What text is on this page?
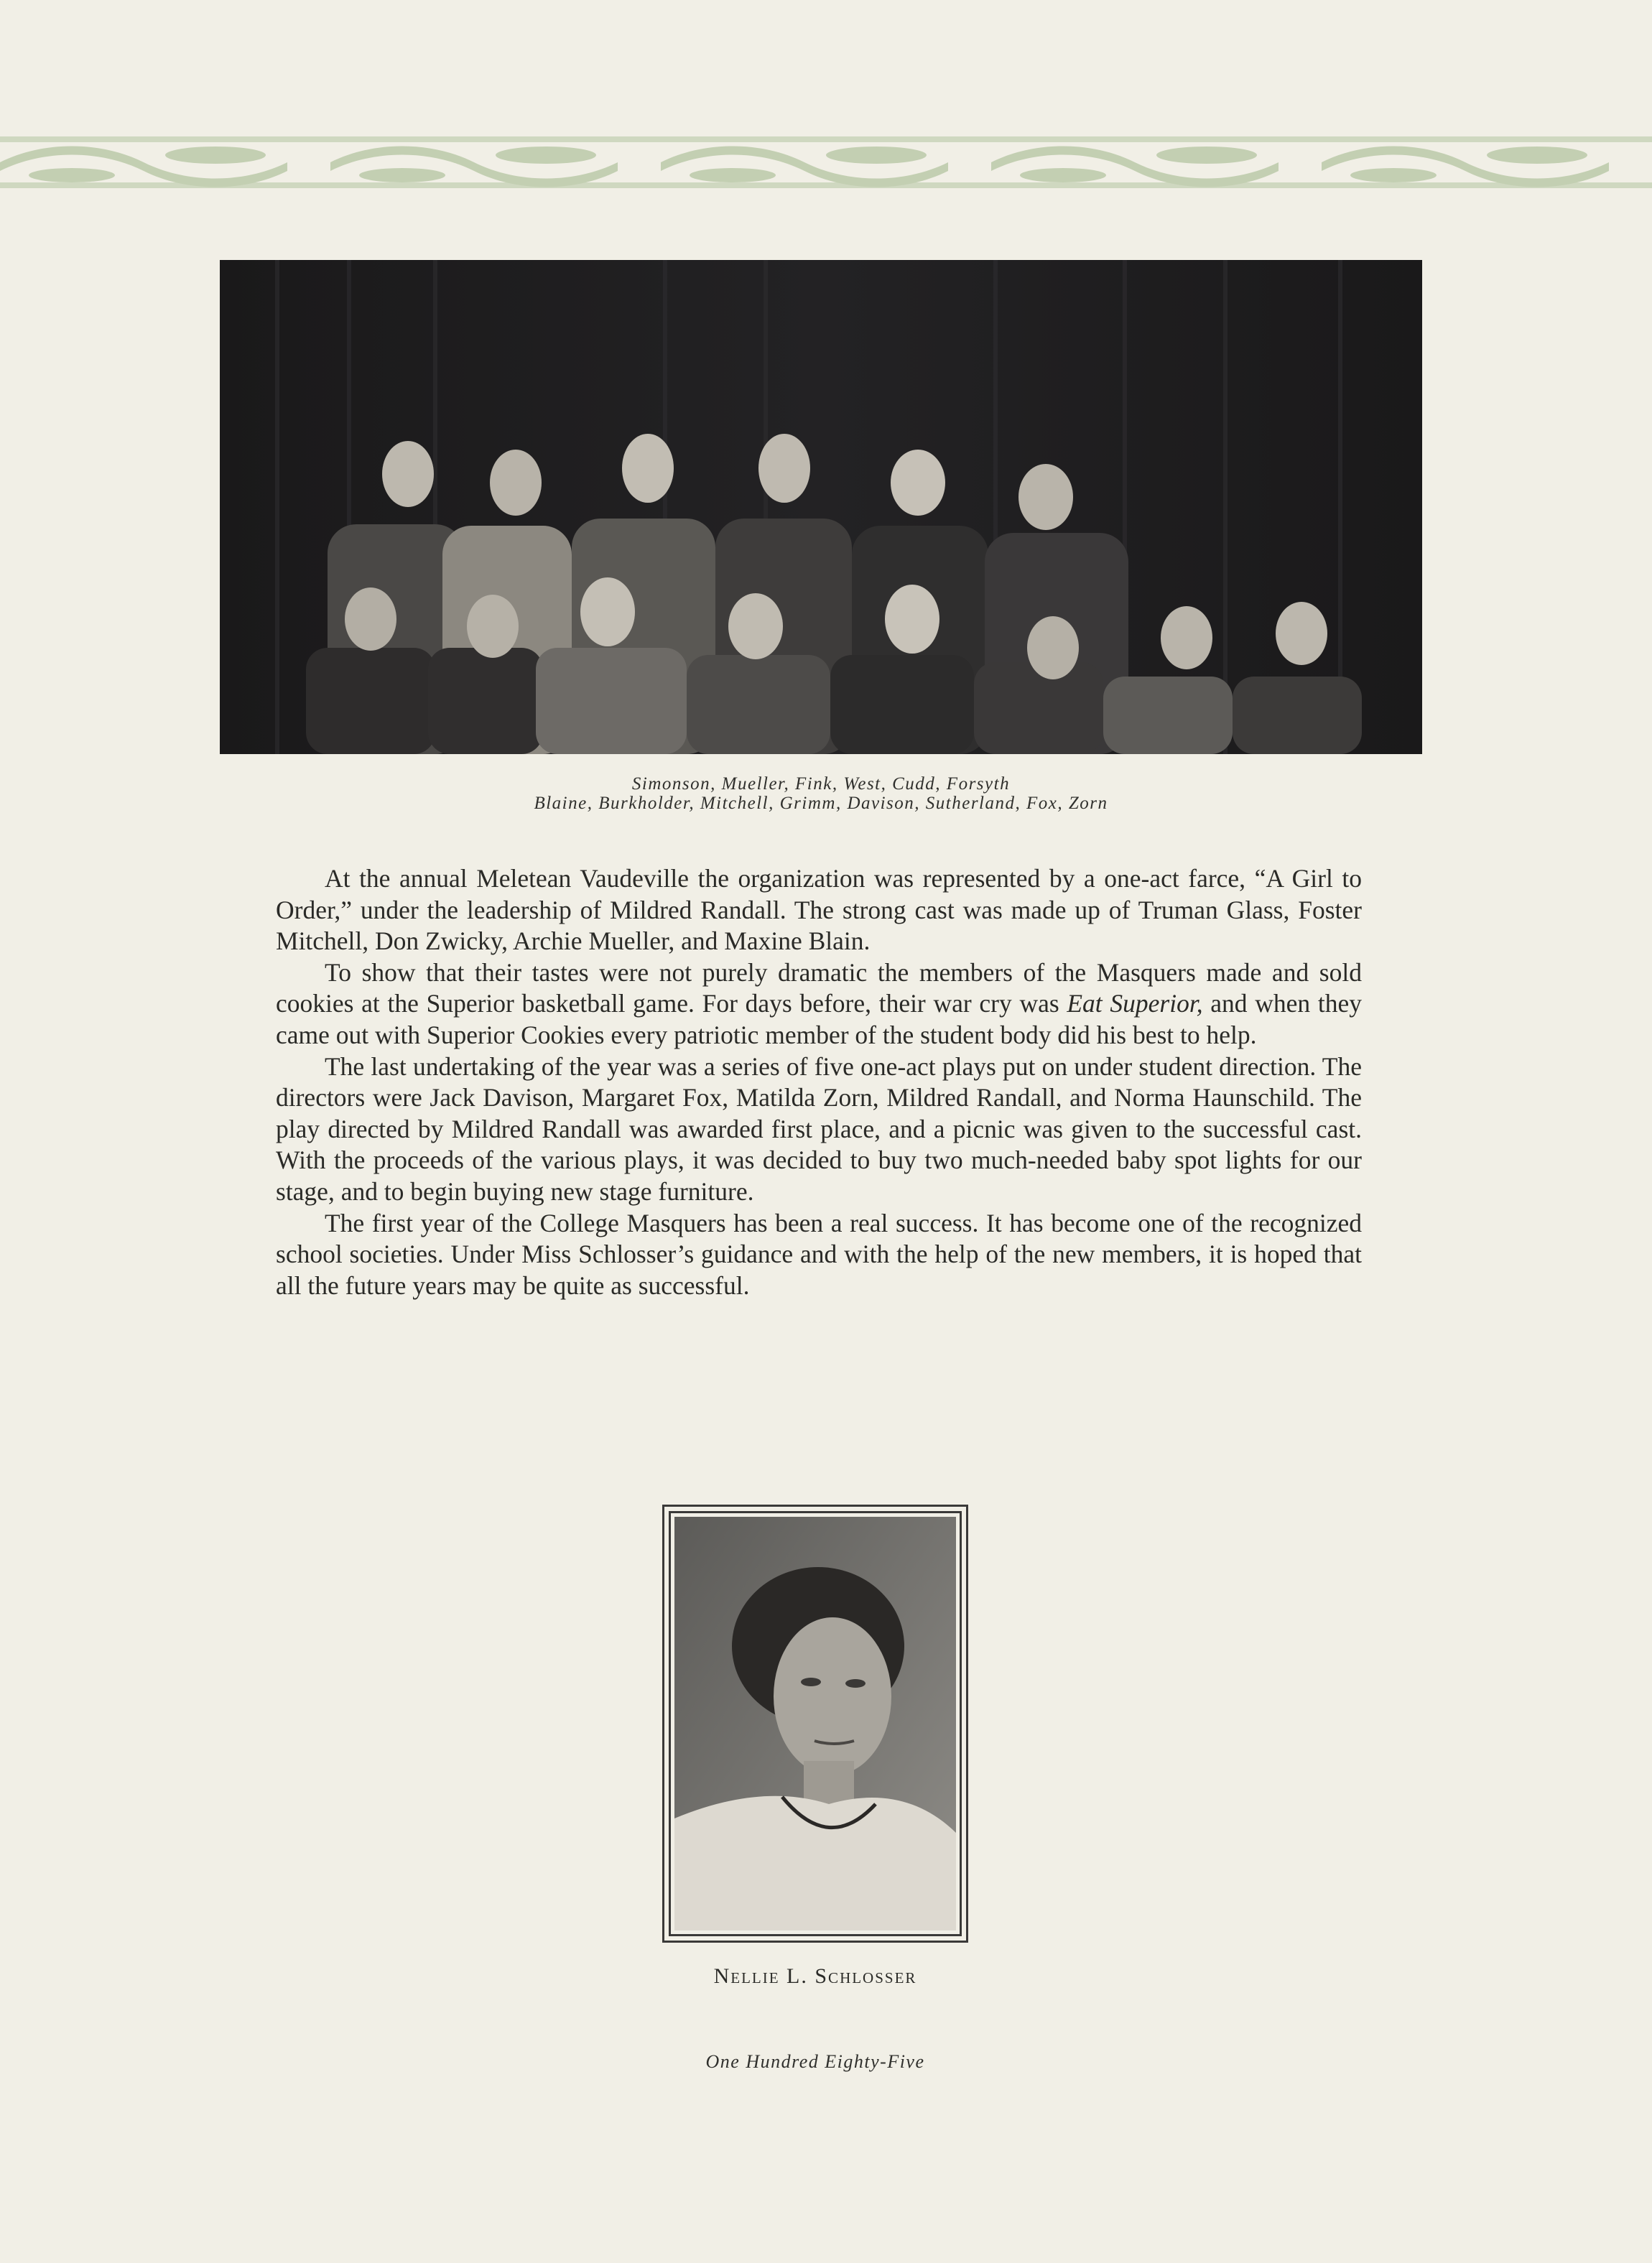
Simonson, Mueller, Fink, West, Cudd, Forsyth
Blaine, Burkholder, Mitchell, Grimm, Davison, Sutherland, Fox, Zorn

At the annual Meletean Vaudeville the organization was represented by a one-act farce, “A Girl to Order,” under the leadership of Mildred Randall. The strong cast was made up of Truman Glass, Foster Mitchell, Don Zwicky, Archie Mueller, and Maxine Blain.

To show that their tastes were not purely dramatic the members of the Masquers made and sold cookies at the Superior basketball game. For days before, their war cry was Eat Superior, and when they came out with Superior Cookies every patriotic member of the student body did his best to help.

The last undertaking of the year was a series of five one-act plays put on under student direction. The directors were Jack Davison, Margaret Fox, Matilda Zorn, Mildred Randall, and Norma Haunschild. The play directed by Mildred Randall was awarded first place, and a picnic was given to the successful cast. With the proceeds of the various plays, it was decided to buy two much-needed baby spot lights for our stage, and to begin buying new stage furniture.

The first year of the College Masquers has been a real success. It has become one of the recognized school societies. Under Miss Schlosser’s guidance and with the help of the new members, it is hoped that all the future years may be quite as successful.

Nellie L. Schlosser
One Hundred Eighty-Five
